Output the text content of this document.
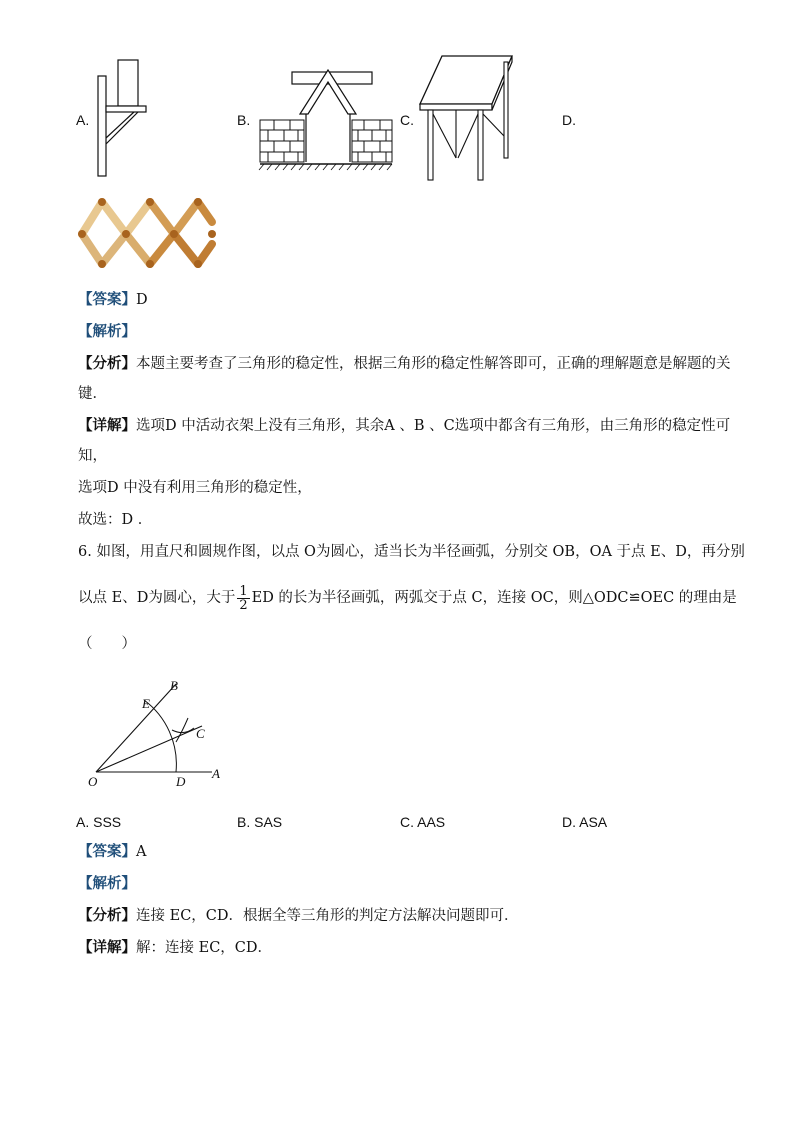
A.	B.	C.	D.
【答案】D
【解析】
【分析】本题主要考查了三角形的稳定性，根据三角形的稳定性解答即可，正确的理解题意是解题的关
键．
【详解】选项D 中活动衣架上没有三角形，其余A 、B 、C选项中都含有三角形，由三角形的稳定性可
知，
选项D 中没有利用三角形的稳定性，
故选：D ．
6. 如图，用直尺和圆规作图，以点 O为圆心，适当长为半径画弧，分别交 OB，OA 于点 E、D，再分别
以点 E、D为圆心，大于 $\frac{1}{2}$ ED 的长为半径画弧，两弧交于点 C，连接 OC，则△ODC≌OEC 的理由是
（　　）
B
E
C
O	D
A
A. SSS	B. SAS	C. AAS	D. ASA
【答案】A
【解析】
【分析】连接 EC，CD．根据全等三角形的判定方法解决问题即可．
【详解】解：连接 EC，CD．
